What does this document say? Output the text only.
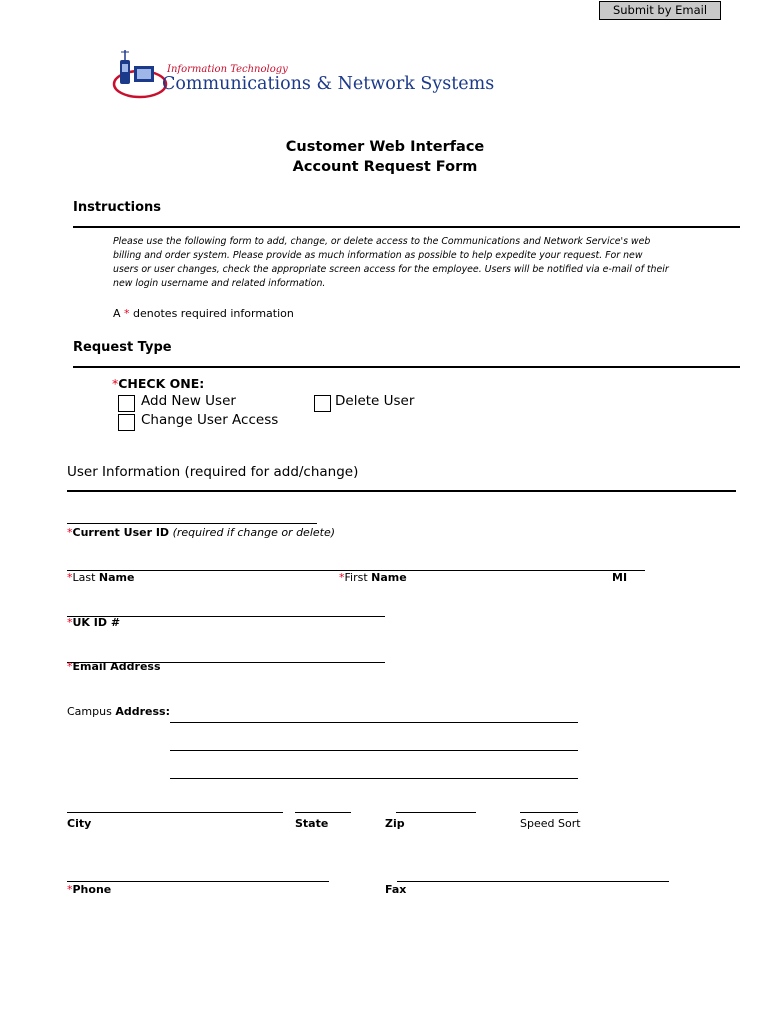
Submit by Email
Information Technology
Communications & Network Systems
Customer Web Interface
Account Request Form
Instructions
Please use the following form to add, change, or delete access to the Communications and Network Service's web billing and order system. Please provide as much information as possible to help expedite your request. For new users or user changes, check the appropriate screen access for the employee. Users will be notified via e-mail of their new login username and related information.
A * denotes required information
Request Type
*CHECK ONE:
Add New User
Change User Access
Delete User
User Information (required for add/change)
*Current User ID (required if change or delete)
*Last Name	*First Name	MI
*UK ID #
*Email Address
Campus Address:
City	State	Zip	Speed Sort
*Phone	Fax
